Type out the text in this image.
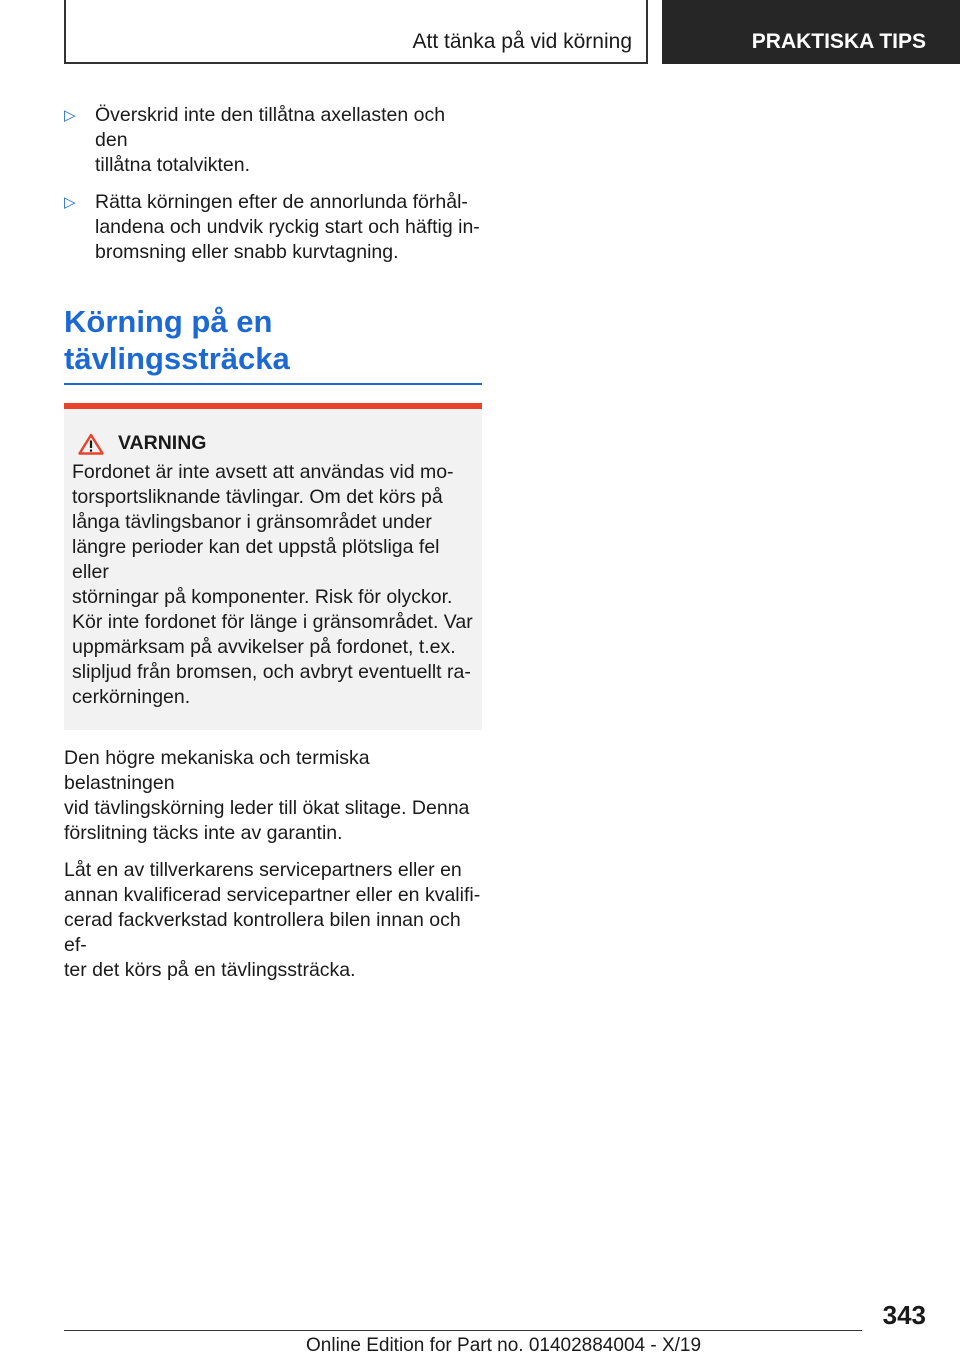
Att tänka på vid körning	PRAKTISKA TIPS
▷ Överskrid inte den tillåtna axellasten och den
tillåtna totalvikten.
▷ Rätta körningen efter de annorlunda förhål-
landena och undvik ryckig start och häftig in-
bromsning eller snabb kurvtagning.
Körning på en
tävlingssträcka
VARNING
Fordonet är inte avsett att användas vid mo-
torsportsliknande tävlingar. Om det körs på
långa tävlingsbanor i gränsområdet under
längre perioder kan det uppstå plötsliga fel eller
störningar på komponenter. Risk för olyckor.
Kör inte fordonet för länge i gränsområdet. Var
uppmärksam på avvikelser på fordonet, t.ex.
slipljud från bromsen, och avbryt eventuellt ra-
cerkörningen.
Den högre mekaniska och termiska belastningen
vid tävlingskörning leder till ökat slitage. Denna
förslitning täcks inte av garantin.
Låt en av tillverkarens servicepartners eller en
annan kvalificerad servicepartner eller en kvalifi-
cerad fackverkstad kontrollera bilen innan och ef-
ter det körs på en tävlingssträcka.
343
Online Edition for Part no. 01402884004 - X/19
